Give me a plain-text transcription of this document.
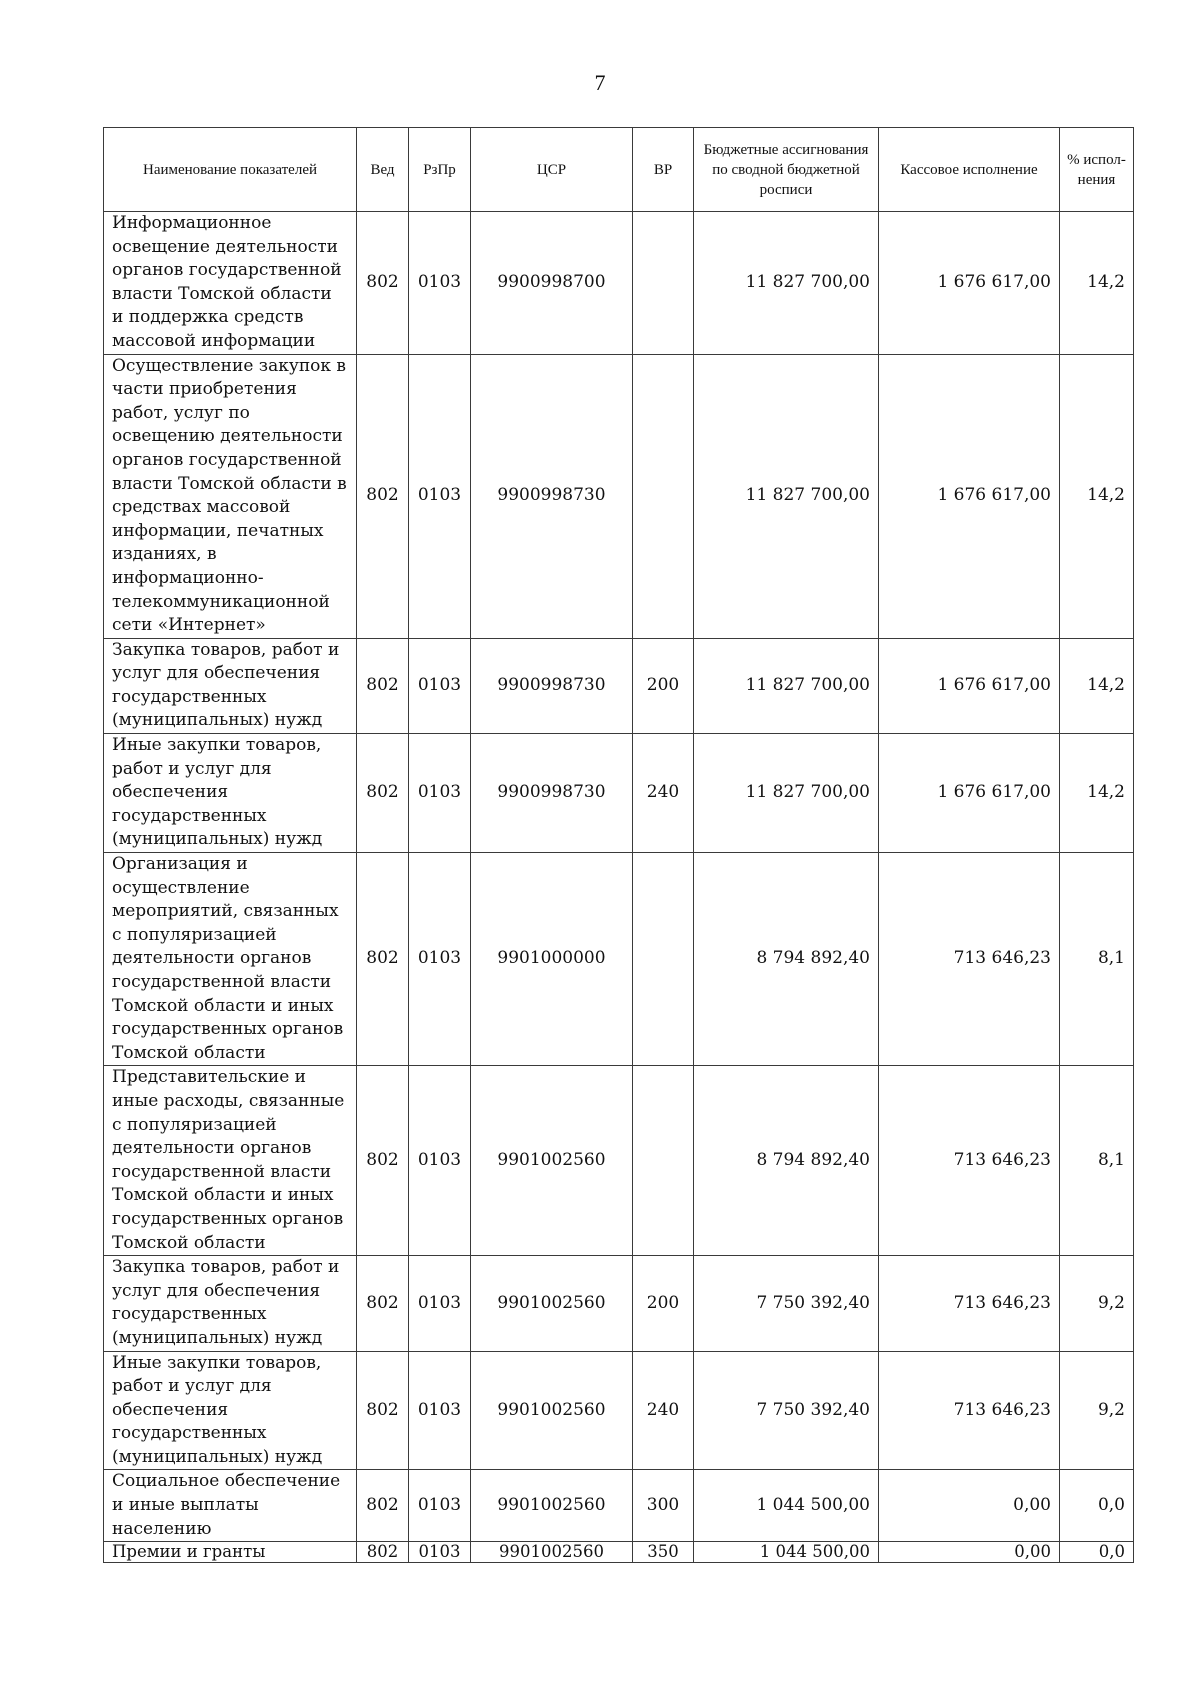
7
Наименование показателей	Вед	РзПр	ЦСР	ВР	Бюджетные ассигнования по сводной бюджетной росписи	Кассовое исполнение	% испол-нения
Информационное освещение деятельности органов государственной власти Томской области и поддержка средств массовой информации	802	0103	9900998700		11 827 700,00	1 676 617,00	14,2
Осуществление закупок в части приобретения работ, услуг по освещению деятельности органов государственной власти Томской области в средствах массовой информации, печатных изданиях, в информационно-телекоммуникационной сети «Интернет»	802	0103	9900998730		11 827 700,00	1 676 617,00	14,2
Закупка товаров, работ и услуг для обеспечения государственных (муниципальных) нужд	802	0103	9900998730	200	11 827 700,00	1 676 617,00	14,2
Иные закупки товаров, работ и услуг для обеспечения государственных (муниципальных) нужд	802	0103	9900998730	240	11 827 700,00	1 676 617,00	14,2
Организация и осуществление мероприятий, связанных с популяризацией деятельности органов государственной власти Томской области и иных государственных органов Томской области	802	0103	9901000000		8 794 892,40	713 646,23	8,1
Представительские и иные расходы, связанные с популяризацией деятельности органов государственной власти Томской области и иных государственных органов Томской области	802	0103	9901002560		8 794 892,40	713 646,23	8,1
Закупка товаров, работ и услуг для обеспечения государственных (муниципальных) нужд	802	0103	9901002560	200	7 750 392,40	713 646,23	9,2
Иные закупки товаров, работ и услуг для обеспечения государственных (муниципальных) нужд	802	0103	9901002560	240	7 750 392,40	713 646,23	9,2
Социальное обеспечение и иные выплаты населению	802	0103	9901002560	300	1 044 500,00	0,00	0,0
Премии и гранты	802	0103	9901002560	350	1 044 500,00	0,00	0,0
